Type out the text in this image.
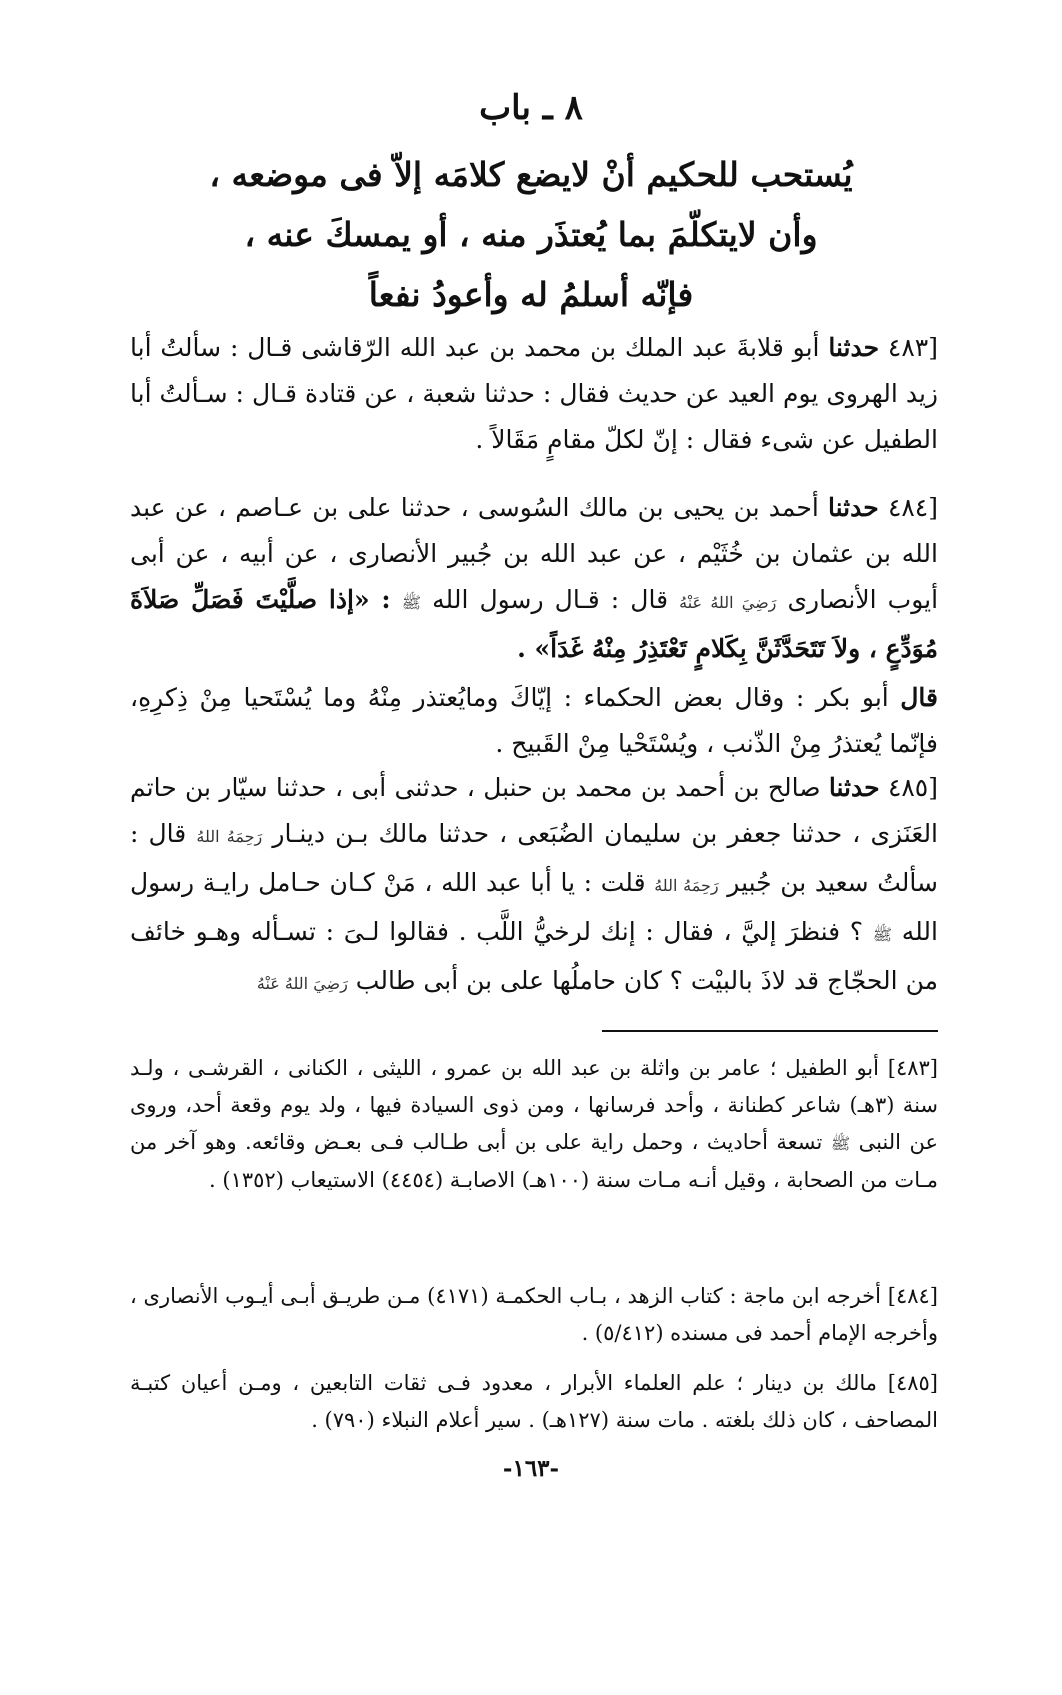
٨ ـ باب
يُستحب للحكيم أنْ لايضع كلامَه إلاّ فى موضعه ،
وأن لايتكلّمَ بما يُعتذَر منه ، أو يمسكَ عنه ،
فإنّه أسلمُ له وأعودُ نفعاً
[٤٨٣ حدثنا أبو قلابةَ عبد الملك بن محمد بن عبد الله الرّقاشى قـال : سألتُ أبا زيد الهروى يوم العيد عن حديث فقال : حدثنا شعبة ، عن قتادة قـال : سـألتُ أبا الطفيل عن شىء فقال : إنّ لكلّ مقامٍ مَقَالاً .
[٤٨٤ حدثنا أحمد بن يحيى بن مالك السُوسى ، حدثنا على بن عـاصم ، عن عبد الله بن عثمان بن خُثَيْم ، عن عبد الله بن جُبير الأنصارى ، عن أبيه ، عن أبى أيوب الأنصارى رَضِيَ اللهُ عَنْهُ قال : قـال رسول الله ﷺ : «إذا صلَّيْتَ فَصَلِّ صَلاَةَ مُوَدِّعٍ ، ولاَ تَتَحَدَّثَنَّ بِكَلامٍ تَعْتَذِرُ مِنْهُ غَدَاً» .
قال أبو بكر : وقال بعض الحكماء : إيّاكَ ومايُعتذر مِنْهُ وما يُسْتَحيا مِنْ ذِكرِهِ، فإنّما يُعتذرُ مِنْ الذّنب ، ويُسْتَحْيا مِنْ القَبيح .
[٤٨٥ حدثنا صالح بن أحمد بن محمد بن حنبل ، حدثنى أبى ، حدثنا سيّار بن حاتم العَنَزى ، حدثنا جعفر بن سليمان الضُبَعى ، حدثنا مالك بـن دينـار رَحِمَهُ اللهُ قال : سألتُ سعيد بن جُبير رَحِمَهُ اللهُ قلت : يا أبا عبد الله ، مَنْ كـان حـامل رايـة رسول الله ﷺ ؟ فنظرَ إليَّ ، فقال : إنك لرخيُّ اللَّب . فقالوا لـىَ : تسـأله وهـو خائف من الحجّاج قد لاذَ بالبيْت ؟ كان حاملُها على بن أبى طالب رَضِيَ اللهُ عَنْهُ
[٤٨٣] أبو الطفيل ؛ عامر بن واثلة بن عبد الله بن عمرو ، الليثى ، الكنانى ، القرشـى ، ولـد سنة (٣هـ) شاعر كطنانة ، وأحد فرسانها ، ومن ذوى السيادة فيها ، ولد يوم وقعة أحد، وروى عن النبى ﷺ تسعة أحاديث ، وحمل راية على بن أبى طـالب فـى بعـض وقائعه. وهو آخر من مـات من الصحابة ، وقيل أنـه مـات سنة (١٠٠هـ) الاصابـة (٤٤٥٤) الاستيعاب (١٣٥٢) .
[٤٨٤] أخرجه ابن ماجة : كتاب الزهد ، بـاب الحكمـة (٤١٧١) مـن طريـق أبـى أيـوب الأنصارى ، وأخرجه الإمام أحمد فى مسنده (٥/٤١٢) .
[٤٨٥] مالك بن دينار ؛ علم العلماء الأبرار ، معدود فـى ثقات التابعين ، ومـن أعيان كتبـة المصاحف ، كان ذلك بلغته . مات سنة (١٢٧هـ) . سير أعلام النبلاء (٧٩٠) .
-١٦٣-
